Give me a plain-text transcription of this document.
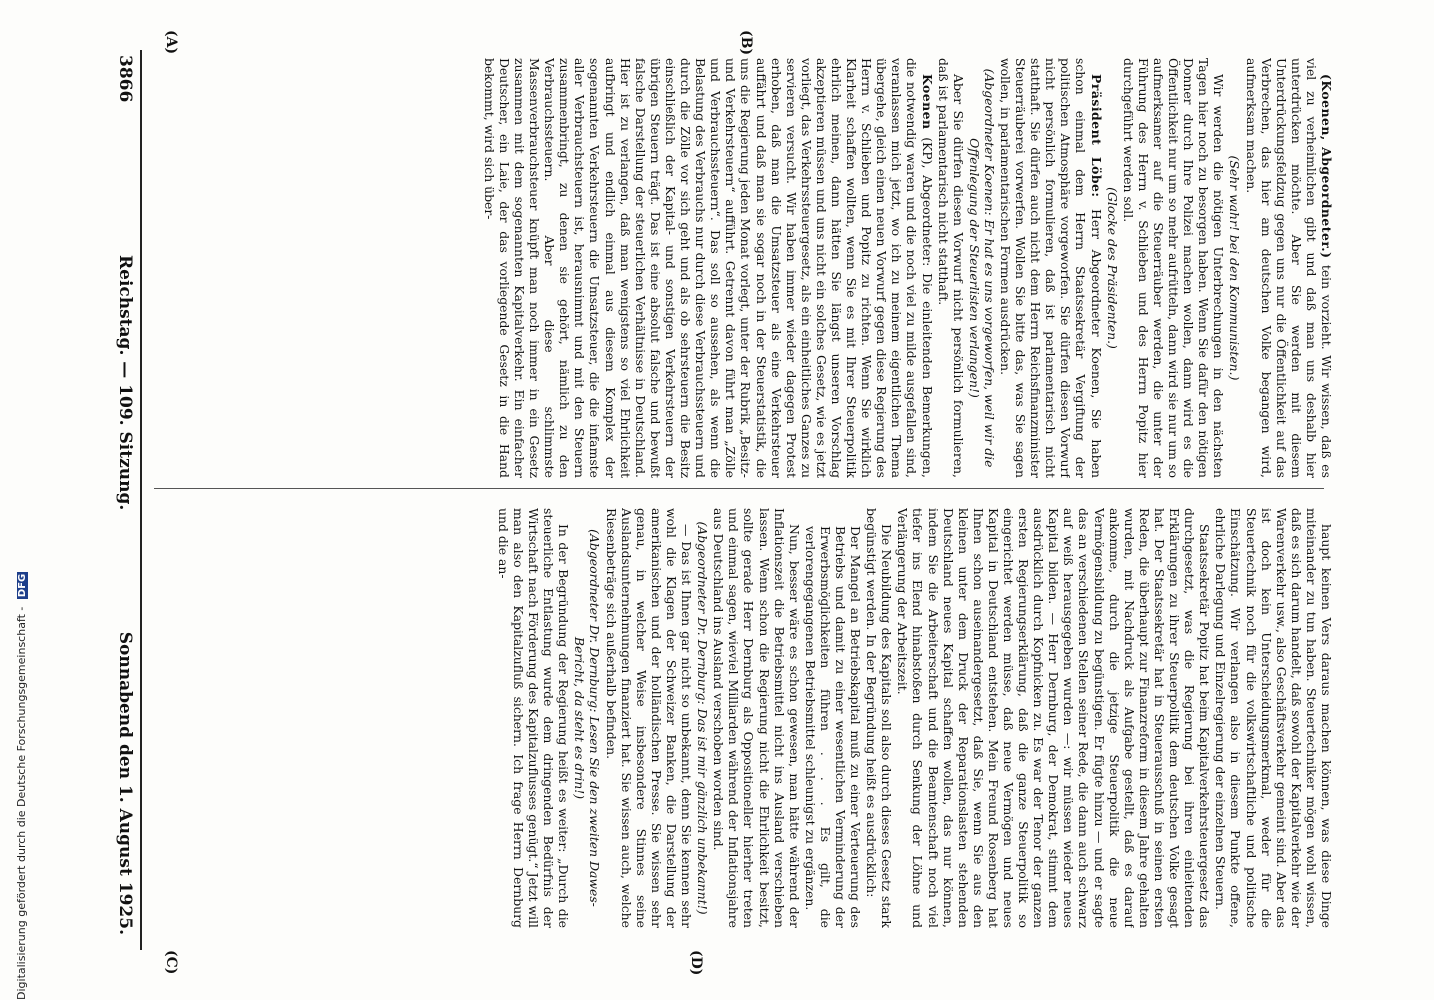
3866
Reichstag. — 109. Sitzung.
Sonnabend den 1. August 1925.
(A)	(B)
(C)	(D)

(Koenen, Abgeordneter.) tein vorzieht. Wir wissen, daß es viel zu verheimlichen gibt und daß man uns deshalb hier unterdrücken möchte. Aber Sie werden mit diesem Unterdrückungsfeldzug gegen uns nur die Öffentlichkeit auf das Verbrechen, das hier am deutschen Volke begangen wird, aufmerksam machen.

(Sehr wahr! bei den Kommunisten.)

Wir werden die nötigen Unterbrechungen in den nächsten Tagen hier noch zu besorgen haben. Wenn Sie dafür den nötigen Donner durch Ihre Polizei machen wollen, dann wird es die Öffentlichkeit nur um so mehr aufrütteln, dann wird sie nur um so aufmerksamer auf die Steuerräuber werden, die unter der Führung des Herrn v. Schlieben und des Herrn Popitz hier durchgeführt werden soll.

(Glocke des Präsidenten.)

Präsident Löbe: Herr Abgeordneter Koenen, Sie haben schon einmal dem Herrn Staatssekretär Vergiftung der politischen Atmosphäre vorgeworfen. Sie dürfen diesen Vorwurf nicht persönlich formulieren, daß ist parlamentarisch nicht statthaft. Sie dürfen auch nicht dem Herrn Reichsfinanzminister Steuerräuberei vorwerfen. Wollen Sie bitte das, was Sie sagen wollen, in parlamentarischen Formen ausdrücken.

(Abgeordneter Koenen: Er hat es uns vorgeworfen, weil wir die Offenlegung der Steuerlisten verlangen!)

Aber Sie dürfen diesen Vorwurf nicht persönlich formulieren, daß ist parlamentarisch nicht statthaft.

Koenen (KP), Abgeordneter: Die einleitenden Bemerkungen, die notwendig waren und die noch viel zu milde ausgefallen sind, veranlassen mich jetzt, wo ich zu meinem eigentlichen Thema übergehe, gleich einen neuen Vorwurf gegen diese Regierung des Herrn v. Schlieben und Popitz zu richten. Wenn Sie wirklich Klarheit schaffen wollten, wenn Sie es mit Ihrer Steuerpolitik ehrlich meinen, dann hätten Sie längst unseren Vorschlag akzeptieren müssen und uns nicht ein solches Gesetz, wie es jetzt vorliegt, das Verkehrssteuergesetz, als ein einheitliches Ganzes zu servieren versucht. Wir haben immer wieder dagegen Protest erhoben, daß man die Umsatzsteuer als eine Verkehrsteuer auffährt und daß man sie sogar noch in der Steuerstatistik, die uns die Regierung jeden Monat vorlegt, unter der Rubrik „Besitz- und Verkehrsteuern“ aufführt. Getrennt davon führt man „Zölle und Verbrauchssteuern“. Das soll so aussehen, als wenn die Belastung des Verbrauchs nur durch diese Verbrauchssteuern und durch die Zölle vor sich geht und als ob sehrsteuern die Besitz einschließlich der Kapital- und sonstigen Verkehrsteuern der übrigen Steuern trägt. Das ist eine absolut falsche und bewußt falsche Darstellung der steuerlichen Verhältnisse in Deutschland. Hier ist zu verlangen, daß man wenigstens so viel Ehrlichkeit aufbringt und endlich einmal aus diesem Komplex der sogenannten Verkehrsteuern die Umsatzsteuer, die die infamste aller Verbrauchsteuern ist, herausnimmt und mit den Steuern zusammenbringt, zu denen sie gehört, nämlich zu den Verbrauchssteuern. Aber diese schlimmste Massenverbrauchsteuer knüpft man noch immer in ein Gesetz zusammen mit dem sogenannten Kapitalverkehr. Ein einfacher Deutscher, ein Laie, der das vorliegende Gesetz in die Hand bekommt, wird sich über-

haupt keinen Vers daraus machen können, was diese Dinge miteinander zu tun haben. Steuertechniker mögen wohl wissen, daß es sich darum handelt, daß sowohl der Kapitalverkehr wie der Warenverkehr usw., also Geschäftsverkehr gemeint sind. Aber das ist doch kein Unterscheidungsmerkmal, weder für die Steuertechnik noch für die volkswirtschaftliche und politische Einschätzung. Wir verlangen also in diesem Punkte offene, ehrliche Darlegung und Einzelregierung der einzelnen Steuern.

Staatssekretär Popitz hat beim Kapitalverkehrsteuergesetz das durchgesetzt, was die Regierung bei ihren einleitenden Erklärungen zu ihrer Steuerpolitik dem deutschen Volke gesagt hat. Der Staatssekretär hat in Steuerausschuß in seinen ersten Reden, die überhaupt zur Finanzreform in diesem Jahre gehalten wurden, mit Nachdruck als Aufgabe gestellt, daß es darauf ankomme, durch die jetzige Steuerpolitik die neue Vermögensbildung zu begünstigen. Er fügte hinzu — und er sagte das an verschiedenen Stellen seiner Rede, die dann auch schwarz auf weiß herausgegeben wurden —: wir müssen wieder neues Kapital bilden. — Herr Dernburg, der Demokrat, stimmt dem ausdrücklich durch Kopfnicken zu. Es war der Tenor der ganzen ersten Regierungserklärung, daß die ganze Steuerpolitik so eingerichtet werden müsse, daß neue Vermögen und neues Kapital in Deutschland entstehen. Mein Freund Rosenberg hat Ihnen schon auseinandergesetzt, daß Sie, wenn Sie aus den kleinen unter dem Druck der Reparationslasten stehenden Deutschland neues Kapital schaffen wollen, das nur können, indem Sie die Arbeiterschaft und die Beamtenschaft noch viel tiefer ins Elend hinabstoßen durch Senkung der Löhne und Verlängerung der Arbeitszeit.

Die Neubildung des Kapitals soll also durch dieses Gesetz stark begünstigt werden. In der Begründung heißt es ausdrücklich:

Der Mangel an Betriebskapital muß zu einer Verteuerung des Betriebs und damit zu einer wesentlichen Verminderung der Erwerbsmöglichkeiten führen . . . Es gilt, die verlorengegangenen Betriebsmittel schleunigst zu ergänzen.

Nun, besser wäre es schon gewesen, man hätte während der Inflationszeit die Betriebsmittel nicht ins Ausland verschieben lassen. Wenn schon die Regierung nicht die Ehrlichkeit besitzt, sollte gerade Herr Dernburg als Oppositioneller hierher treten und einmal sagen, wieviel Milliarden während der Inflationsjahre aus Deutschland ins Ausland verschoben worden sind.

(Abgeordneter Dr. Dernburg: Das ist mir gänzlich unbekannt!)

— Das ist Ihnen gar nicht so unbekannt, denn Sie kennen sehr wohl die Klagen der Schweizer Banken, die Darstellung der amerikanischen und der holländischen Presse. Sie wissen sehr genau, in welcher Weise insbesondere Stinnes seine Auslandsunternehmungen finanziert hat. Sie wissen auch, welche Riesenbeträge sich außerhalb befinden.

(Abgeordneter Dr. Dernburg: Lesen Sie den zweiten Dawes-Bericht, da steht es drin!)

In der Begründung der Regierung heißt es weiter: „Durch die steuerliche Entlastung wurde dem dringenden Bedürfnis der Wirtschaft nach Förderung des Kapitalzuflusses genügt.“ Jetzt will man also den Kapitalzufluß sichern. Ich frage Herrn Dernburg und die an-

Digitalisierung gefördert durch die Deutsche Forschungsgemeinschaft - DFG
